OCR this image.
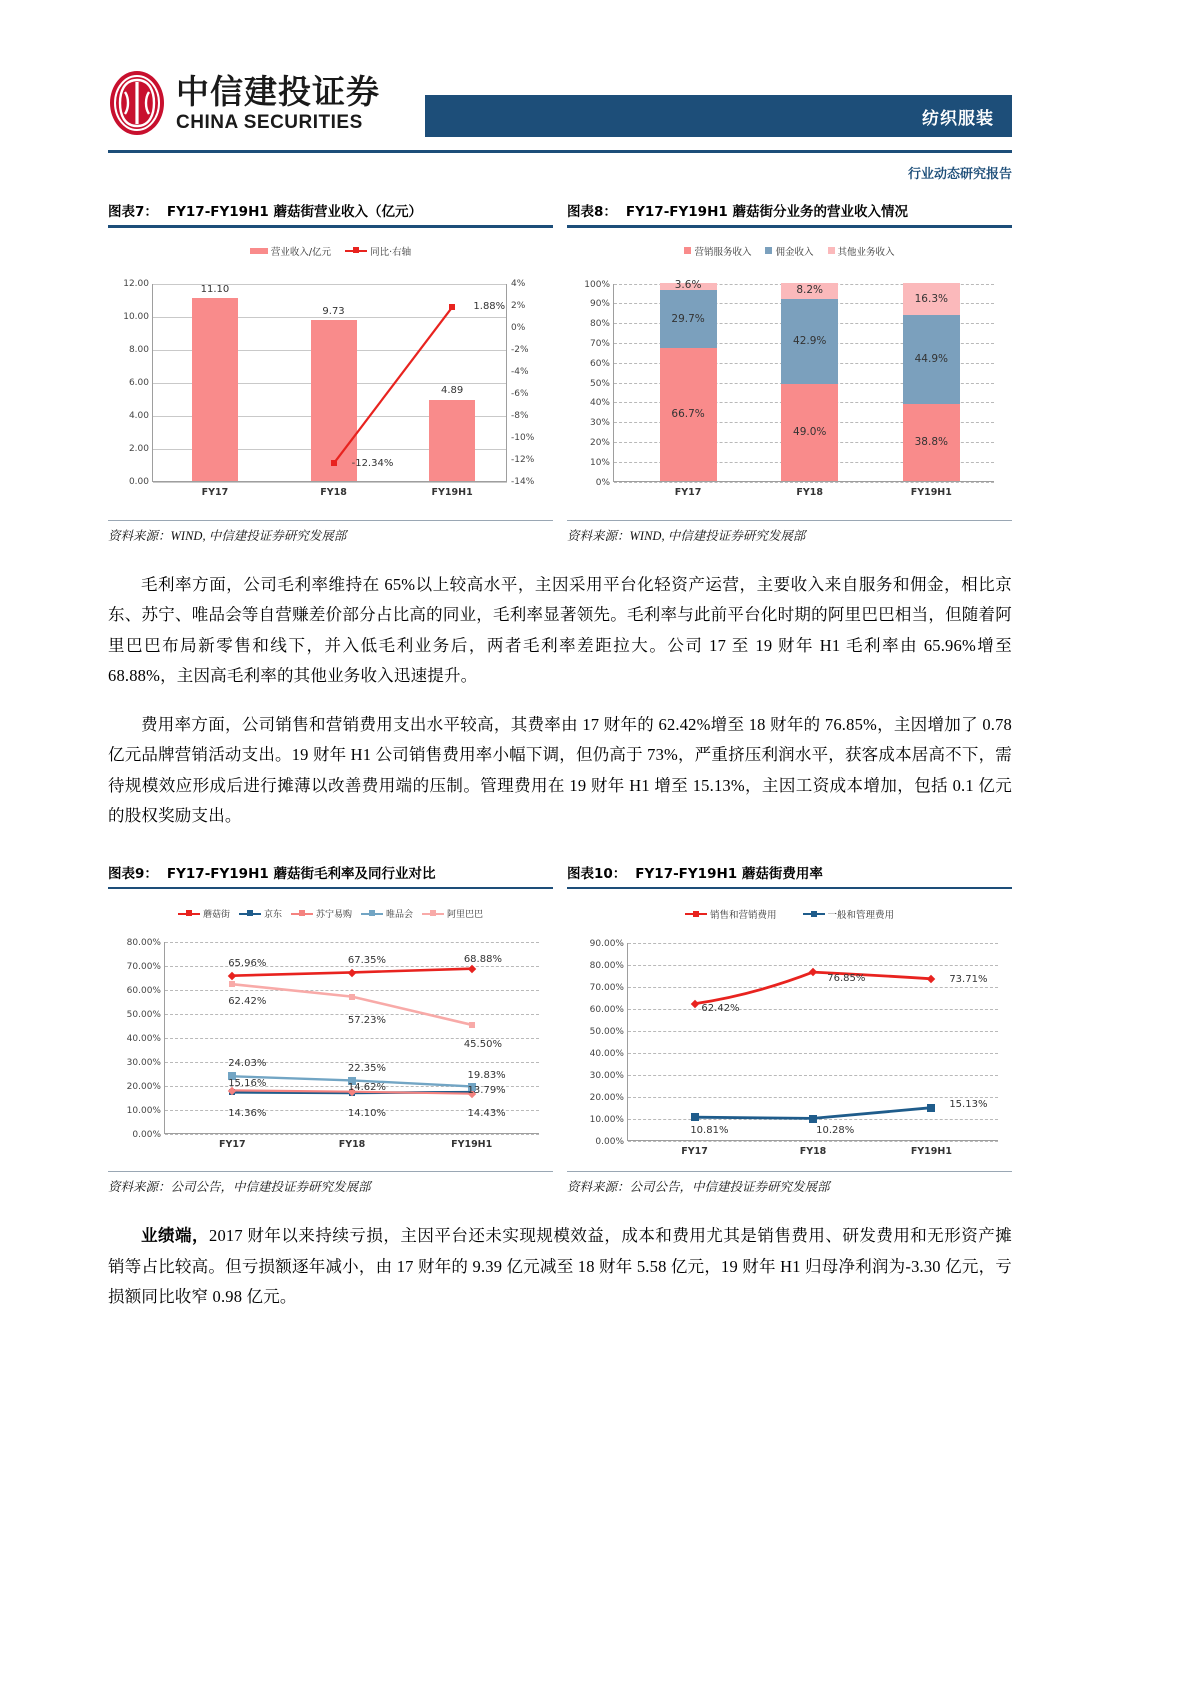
中信建投证券
CHINA SECURITIES	纺织服装
行业动态研究报告
图表7： FY17-FY19H1 蘑菇街营业收入（亿元）
营业收入/亿元	同比·右轴
12.00
10.00
8.00
6.00
4.00
2.00
0.00
4%
2%
0%
-2%
-4%
-6%
-8%
-10%
-12%
-14%
11.10
9.73
4.89
-12.34%
1.88%
FY17	FY18	FY19H1
资料来源：WIND, 中信建投证券研究发展部
图表8： FY17-FY19H1 蘑菇街分业务的营业收入情况
营销服务收入	佣金收入	其他业务收入
100%
90%
80%
70%
60%
50%
40%
30%
20%
10%
0%
66.7%
29.7%
3.6%
49.0%
42.9%
8.2%
38.8%
44.9%
16.3%
FY17	FY18	FY19H1
资料来源：WIND, 中信建投证券研究发展部

毛利率方面，公司毛利率维持在 65%以上较高水平，主因采用平台化轻资产运营，主要收入来自服务和佣金，相比京东、苏宁、唯品会等自营赚差价部分占比高的同业，毛利率显著领先。毛利率与此前平台化时期的阿里巴巴相当，但随着阿里巴巴布局新零售和线下，并入低毛利业务后，两者毛利率差距拉大。公司 17 至 19 财年 H1 毛利率由 65.96%增至 68.88%，主因高毛利率的其他业务收入迅速提升。

费用率方面，公司销售和营销费用支出水平较高，其费率由 17 财年的 62.42%增至 18 财年的 76.85%，主因增加了 0.78 亿元品牌营销活动支出。19 财年 H1 公司销售费用率小幅下调，但仍高于 73%，严重挤压利润水平，获客成本居高不下，需待规模效应形成后进行摊薄以改善费用端的压制。管理费用在 19 财年 H1 增至 15.13%，主因工资成本增加，包括 0.1 亿元的股权奖励支出。

图表9： FY17-FY19H1 蘑菇街毛利率及同行业对比
蘑菇街	京东	苏宁易购	唯品会	阿里巴巴
80.00%
70.00%
60.00%
50.00%
40.00%
30.00%
20.00%
10.00%
0.00%
65.96%	67.35%	68.88%
62.42%
57.23%
45.50%
24.03%	22.35%
19.83%
15.16%	14.62%	13.79%
14.36%	14.10%	14.43%
FY17	FY18	FY19H1
资料来源：公司公告，中信建投证券研究发展部
图表10： FY17-FY19H1 蘑菇街费用率
销售和营销费用	一般和管理费用
90.00%
80.00%
70.00%
60.00%
50.00%
40.00%
30.00%
20.00%
10.00%
0.00%
62.42%
76.85%	73.71%
10.81%	10.28%
15.13%
FY17	FY18	FY19H1
资料来源：公司公告，中信建投证券研究发展部

业绩端，2017 财年以来持续亏损，主因平台还未实现规模效益，成本和费用尤其是销售费用、研发费用和无形资产摊销等占比较高。但亏损额逐年减小，由 17 财年的 9.39 亿元减至 18 财年 5.58 亿元，19 财年 H1 归母净利润为-3.30 亿元，亏损额同比收窄 0.98 亿元。
